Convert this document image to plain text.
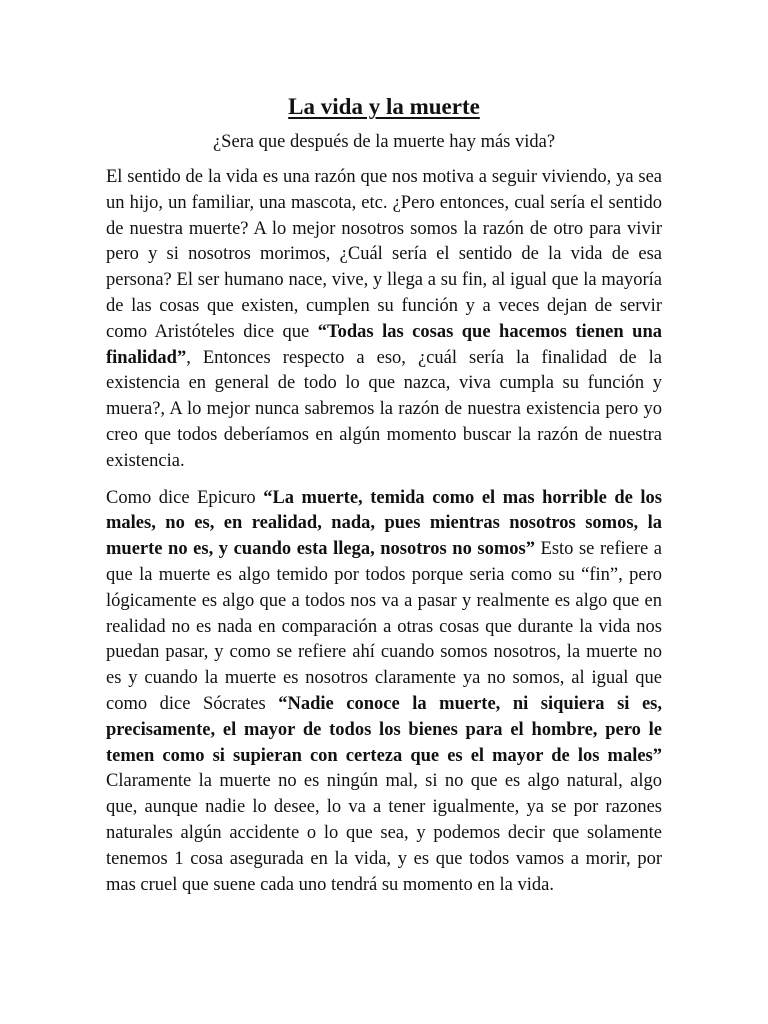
La vida y la muerte

¿Sera que después de la muerte hay más vida?

El sentido de la vida es una razón que nos motiva a seguir viviendo, ya sea un hijo, un familiar, una mascota, etc. ¿Pero entonces, cual sería el sentido de nuestra muerte? A lo mejor nosotros somos la razón de otro para vivir pero y si nosotros morimos, ¿Cuál sería el sentido de la vida de esa persona? El ser humano nace, vive, y llega a su fin, al igual que la mayoría de las cosas que existen, cumplen su función y a veces dejan de servir como Aristóteles dice que “Todas las cosas que hacemos tienen una finalidad”, Entonces respecto a eso, ¿cuál sería la finalidad de la existencia en general de todo lo que nazca, viva cumpla su función y muera?, A lo mejor nunca sabremos la razón de nuestra existencia pero yo creo que todos deberíamos en algún momento buscar la razón de nuestra existencia.

Como dice Epicuro “La muerte, temida como el mas horrible de los males, no es, en realidad, nada, pues mientras nosotros somos, la muerte no es, y cuando esta llega, nosotros no somos” Esto se refiere a que la muerte es algo temido por todos porque seria como su “fin”, pero lógicamente es algo que a todos nos va a pasar y realmente es algo que en realidad no es nada en comparación a otras cosas que durante la vida nos puedan pasar, y como se refiere ahí cuando somos nosotros, la muerte no es y cuando la muerte es nosotros claramente ya no somos, al igual que como dice Sócrates “Nadie conoce la muerte, ni siquiera si es, precisamente, el mayor de todos los bienes para el hombre, pero le temen como si supieran con certeza que es el mayor de los males” Claramente la muerte no es ningún mal, si no que es algo natural, algo que, aunque nadie lo desee, lo va a tener igualmente, ya se por razones naturales algún accidente o lo que sea, y podemos decir que solamente tenemos 1 cosa asegurada en la vida, y es que todos vamos a morir, por mas cruel que suene cada uno tendrá su momento en la vida.
